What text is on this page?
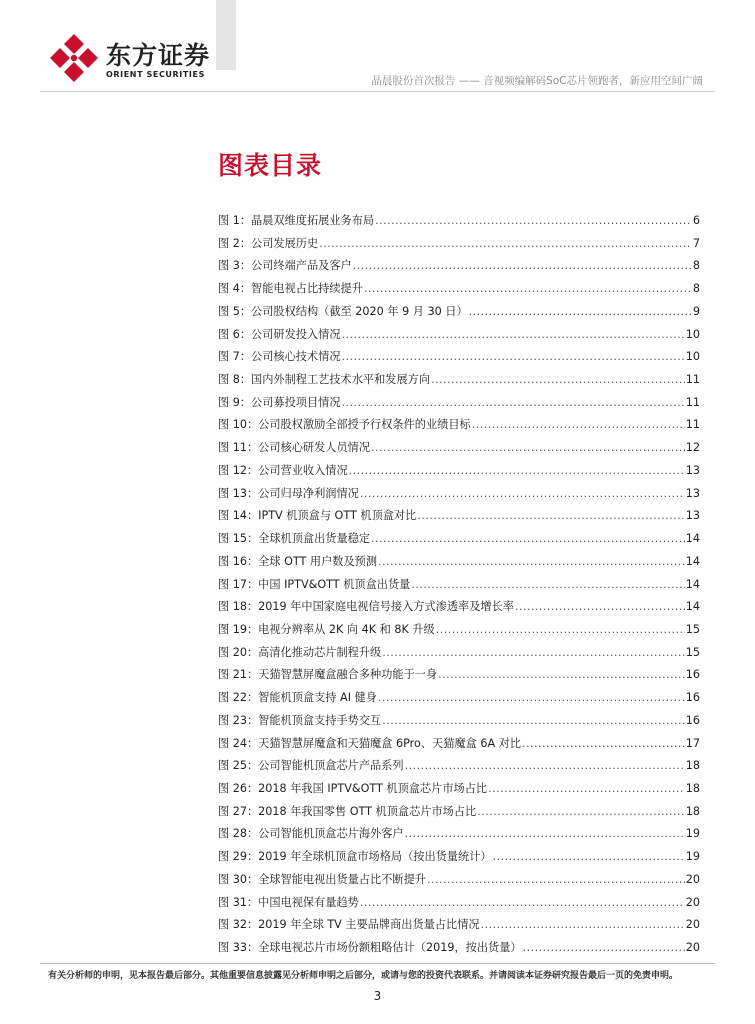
东方证券
ORIENT SECURITIES
晶晨股份首次报告 —— 音视频编解码SoC芯片领跑者，新应用空间广阔
图表目录
图 1：晶晨双维度拓展业务布局 .....	6
图 2：公司发展历史 .....	7
图 3：公司终端产品及客户 .....	8
图 4：智能电视占比持续提升 .....	8
图 5：公司股权结构（截至 2020 年 9 月 30 日） .....	9
图 6：公司研发投入情况 .....	10
图 7：公司核心技术情况 .....	10
图 8：国内外制程工艺技术水平和发展方向 .....	11
图 9：公司募投项目情况 .....	11
图 10：公司股权激励全部授予行权条件的业绩目标 .....	11
图 11：公司核心研发人员情况 .....	12
图 12：公司营业收入情况 .....	13
图 13：公司归母净利润情况 .....	13
图 14：IPTV 机顶盒与 OTT 机顶盒对比 .....	13
图 15：全球机顶盒出货量稳定 .....	14
图 16：全球 OTT 用户数及预测 .....	14
图 17：中国 IPTV&OTT 机顶盒出货量 .....	14
图 18：2019 年中国家庭电视信号接入方式渗透率及增长率 .....	14
图 19：电视分辨率从 2K 向 4K 和 8K 升级 .....	15
图 20：高清化推动芯片制程升级 .....	15
图 21：天猫智慧屏魔盒融合多种功能于一身 .....	16
图 22：智能机顶盒支持 AI 健身 .....	16
图 23：智能机顶盒支持手势交互 .....	16
图 24：天猫智慧屏魔盒和天猫魔盒 6Pro、天猫魔盒 6A 对比 .....	17
图 25：公司智能机顶盒芯片产品系列 .....	18
图 26：2018 年我国 IPTV&OTT 机顶盒芯片市场占比 .....	18
图 27：2018 年我国零售 OTT 机顶盒芯片市场占比 .....	18
图 28：公司智能机顶盒芯片海外客户 .....	19
图 29：2019 年全球机顶盒市场格局（按出货量统计） .....	19
图 30：全球智能电视出货量占比不断提升 .....	20
图 31：中国电视保有量趋势 .....	20
图 32：2019 年全球 TV 主要品牌商出货量占比情况 .....	20
图 33：全球电视芯片市场份额粗略估计（2019，按出货量） .....	20
有关分析师的申明，见本报告最后部分。其他重要信息披露见分析师申明之后部分，或请与您的投资代表联系。并请阅读本证券研究报告最后一页的免责申明。
3
